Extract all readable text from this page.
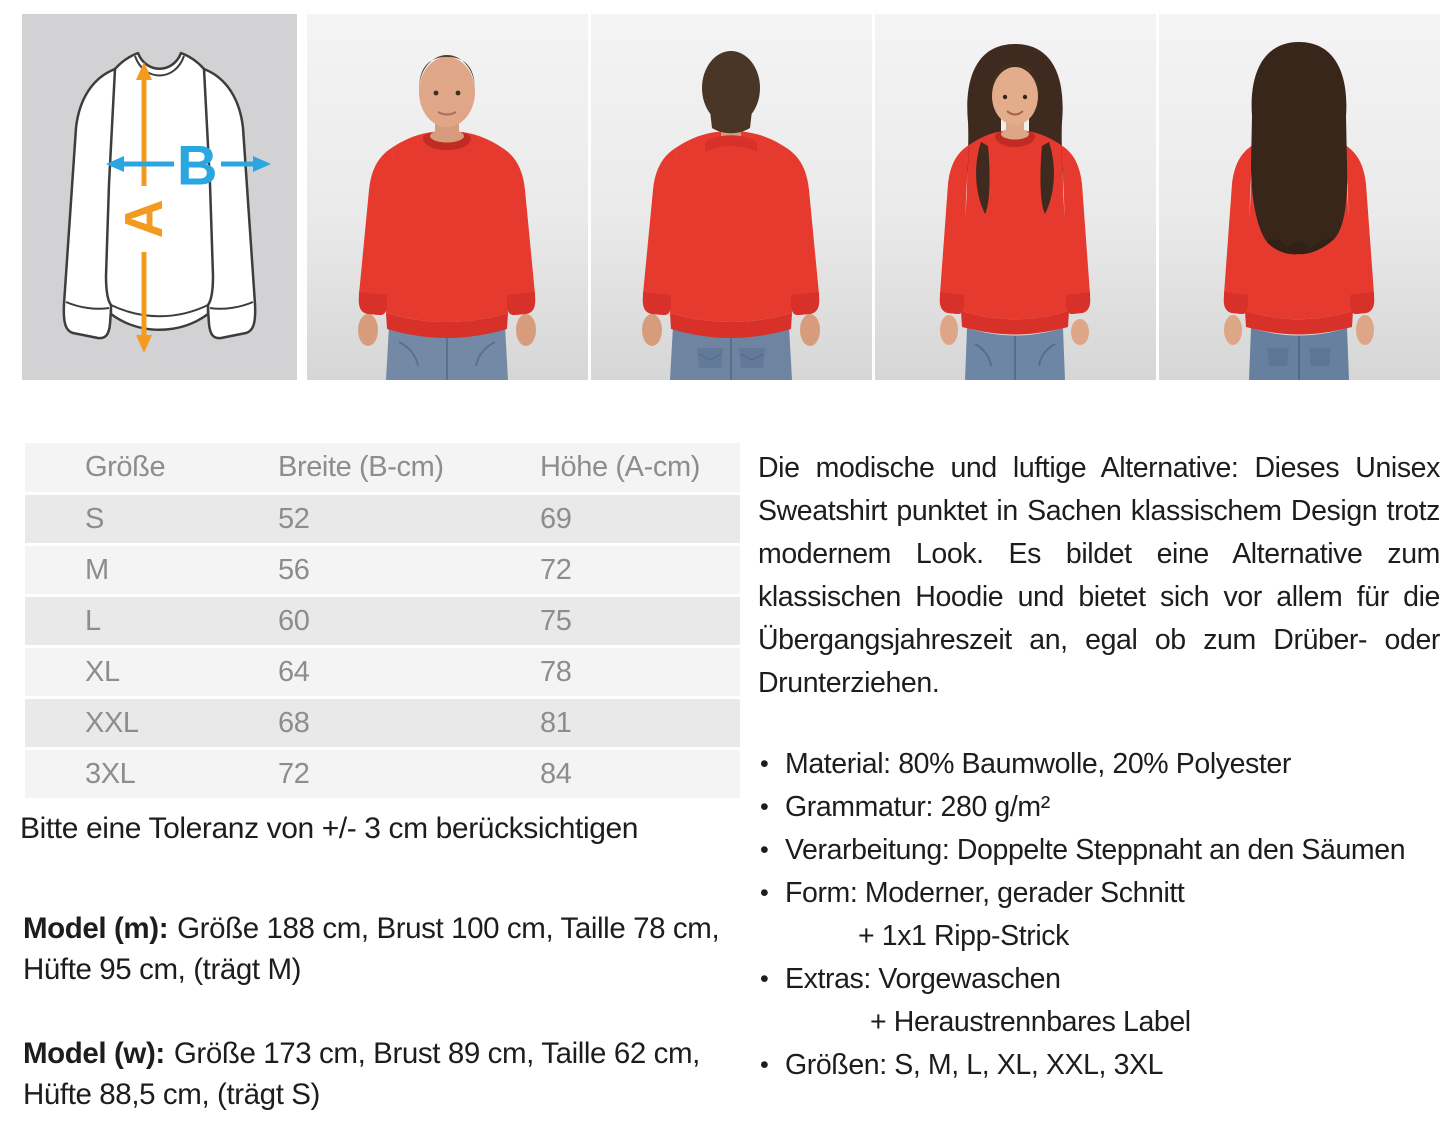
A
B
Größe	Breite (B-cm)	Höhe (A-cm)
S	52	69
M	56	72
L	60	75
XL	64	78
XXL	68	81
3XL	72	84
Bitte eine Toleranz von +/- 3 cm berücksichtigen
Model (m): Größe 188 cm, Brust 100 cm, Taille 78 cm, Hüfte 95 cm, (trägt M)
Model (w): Größe 173 cm, Brust 89 cm, Taille 62 cm, Hüfte 88,5 cm, (trägt S)

Die modische und luftige Alternative: Dieses Unisex Sweatshirt punktet in Sachen klassischem Design trotz modernem Look. Es bildet eine Alternative zum klassischen Hoodie und bietet sich vor allem für die Übergangsjahreszeit an, egal ob zum Drüber- oder Drunterziehen.

• Material: 80% Baumwolle, 20% Polyester
• Grammatur: 280 g/m²
• Verarbeitung: Doppelte Steppnaht an den Säumen
• Form: Moderner, gerader Schnitt
+ 1x1 Ripp-Strick
• Extras: Vorgewaschen
+ Heraustrennbares Label
• Größen: S, M, L, XL, XXL, 3XL
